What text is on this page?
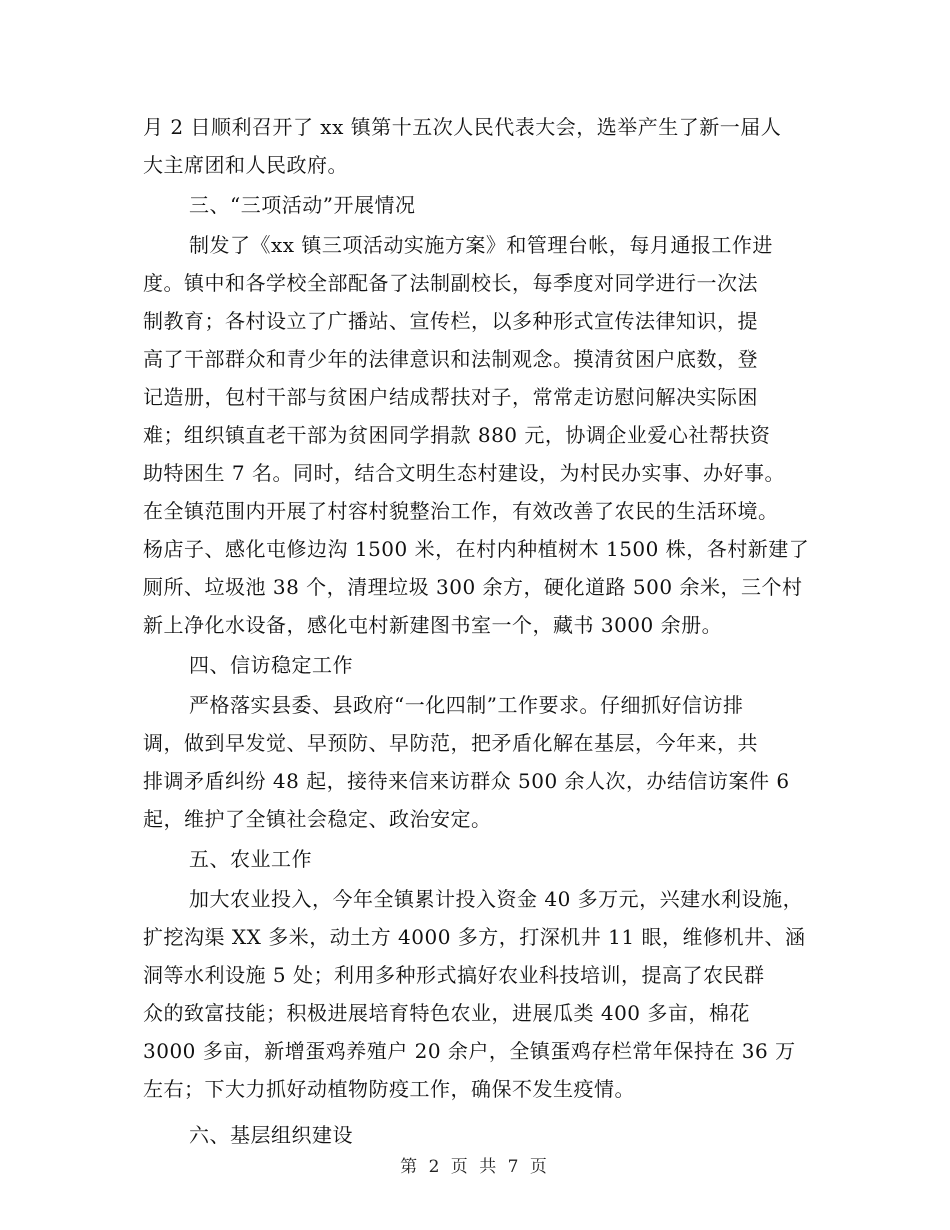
月 2 日顺利召开了 xx 镇第十五次人民代表大会，选举产生了新一届人
大主席团和人民政府。
三、“三项活动”开展情况
制发了《xx 镇三项活动实施方案》和管理台帐，每月通报工作进
度。镇中和各学校全部配备了法制副校长，每季度对同学进行一次法
制教育；各村设立了广播站、宣传栏，以多种形式宣传法律知识，提
高了干部群众和青少年的法律意识和法制观念。摸清贫困户底数，登
记造册，包村干部与贫困户结成帮扶对子，常常走访慰问解决实际困
难；组织镇直老干部为贫困同学捐款 880 元，协调企业爱心社帮扶资
助特困生 7 名。同时，结合文明生态村建设，为村民办实事、办好事。
在全镇范围内开展了村容村貌整治工作，有效改善了农民的生活环境。
杨店子、感化屯修边沟 1500 米，在村内种植树木 1500 株，各村新建了
厕所、垃圾池 38 个，清理垃圾 300 余方，硬化道路 500 余米，三个村
新上净化水设备，感化屯村新建图书室一个，藏书 3000 余册。
四、信访稳定工作
严格落实县委、县政府“一化四制”工作要求。仔细抓好信访排
调，做到早发觉、早预防、早防范，把矛盾化解在基层，今年来，共
排调矛盾纠纷 48 起，接待来信来访群众 500 余人次，办结信访案件 6
起，维护了全镇社会稳定、政治安定。
五、农业工作
加大农业投入，今年全镇累计投入资金 40 多万元，兴建水利设施，
扩挖沟渠 XX 多米，动土方 4000 多方，打深机井 11 眼，维修机井、涵
洞等水利设施 5 处；利用多种形式搞好农业科技培训，提高了农民群
众的致富技能；积极进展培育特色农业，进展瓜类 400 多亩，棉花
3000 多亩，新增蛋鸡养殖户 20 余户，全镇蛋鸡存栏常年保持在 36 万
左右；下大力抓好动植物防疫工作，确保不发生疫情。
六、基层组织建设
第 2 页 共 7 页
